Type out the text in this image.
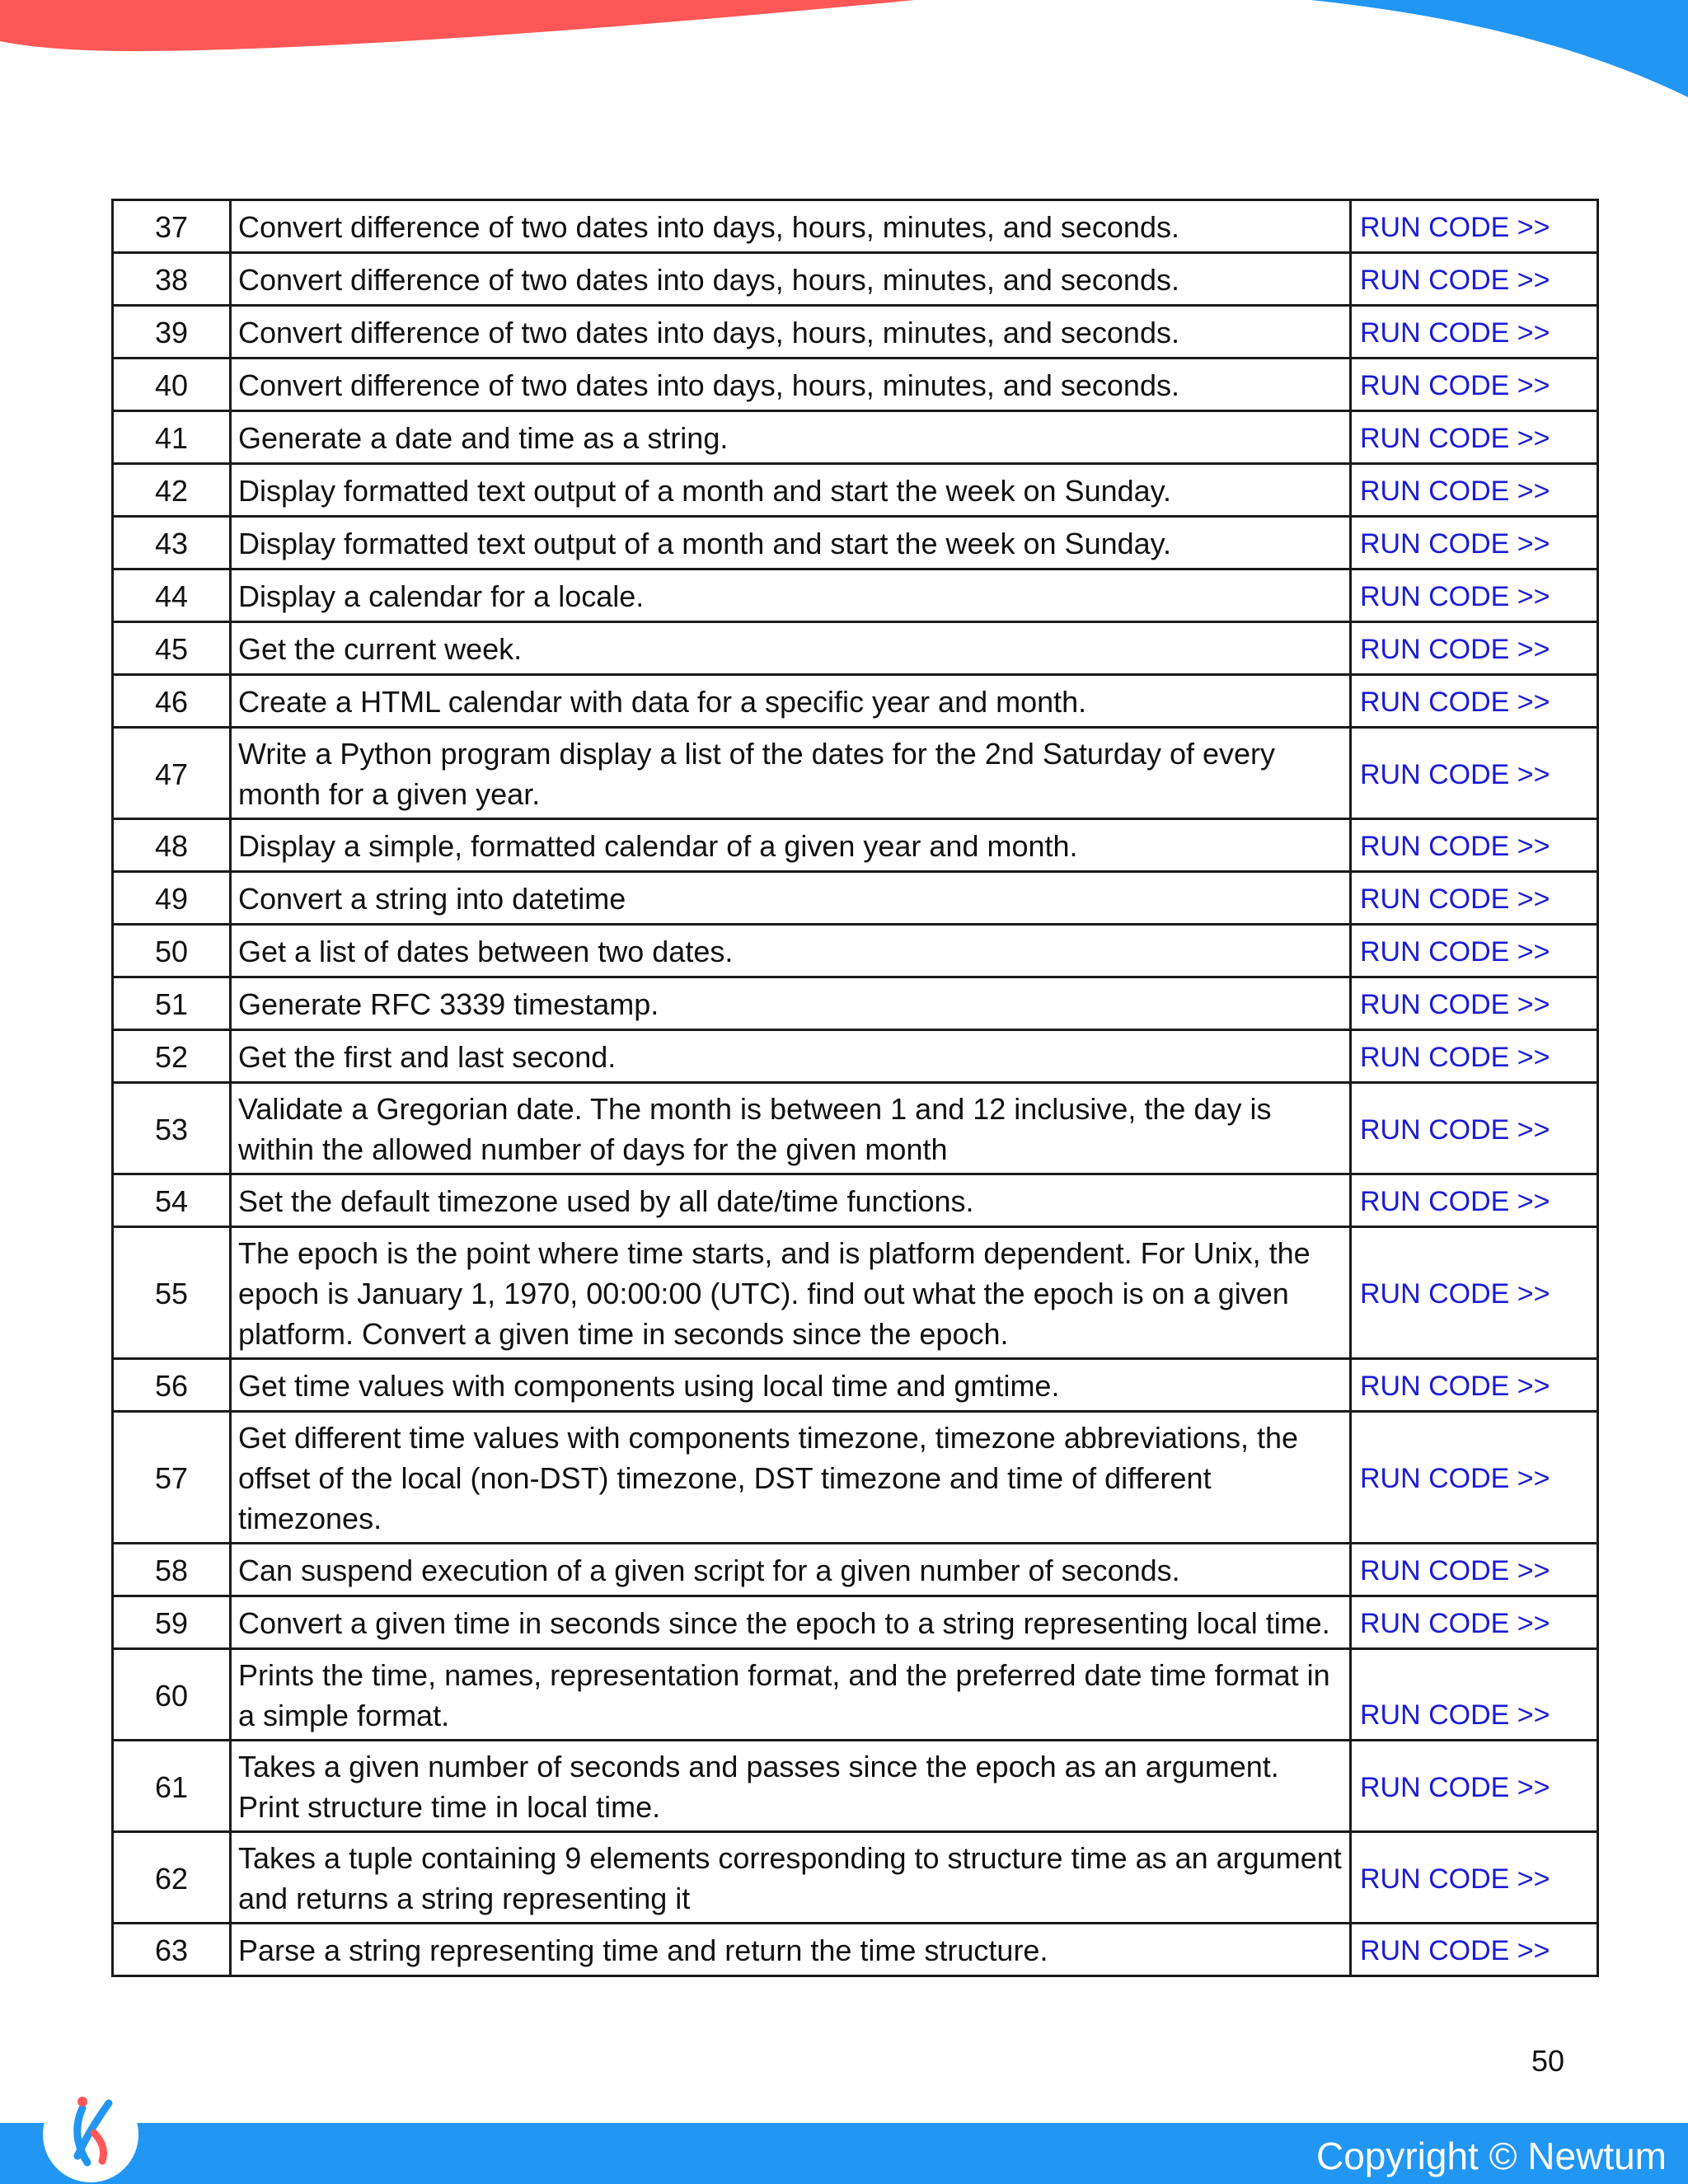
37	Convert difference of two dates into days, hours, minutes, and seconds.	RUN CODE >>
38	Convert difference of two dates into days, hours, minutes, and seconds.	RUN CODE >>
39	Convert difference of two dates into days, hours, minutes, and seconds.	RUN CODE >>
40	Convert difference of two dates into days, hours, minutes, and seconds.	RUN CODE >>
41	Generate a date and time as a string.	RUN CODE >>
42	Display formatted text output of a month and start the week on Sunday.	RUN CODE >>
43	Display formatted text output of a month and start the week on Sunday.	RUN CODE >>
44	Display a calendar for a locale.	RUN CODE >>
45	Get the current week.	RUN CODE >>
46	Create a HTML calendar with data for a specific year and month.	RUN CODE >>
47	Write a Python program display a list of the dates for the 2nd Saturday of every month for a given year.	RUN CODE >>
48	Display a simple, formatted calendar of a given year and month.	RUN CODE >>
49	Convert a string into datetime	RUN CODE >>
50	Get a list of dates between two dates.	RUN CODE >>
51	Generate RFC 3339 timestamp.	RUN CODE >>
52	Get the first and last second.	RUN CODE >>
53	Validate a Gregorian date. The month is between 1 and 12 inclusive, the day is within the allowed number of days for the given month	RUN CODE >>
54	Set the default timezone used by all date/time functions.	RUN CODE >>
55	The epoch is the point where time starts, and is platform dependent. For Unix, the epoch is January 1, 1970, 00:00:00 (UTC). find out what the epoch is on a given platform. Convert a given time in seconds since the epoch.	RUN CODE >>
56	Get time values with components using local time and gmtime.	RUN CODE >>
57	Get different time values with components timezone, timezone abbreviations, the offset of the local (non-DST) timezone, DST timezone and time of different timezones.	RUN CODE >>
58	Can suspend execution of a given script for a given number of seconds.	RUN CODE >>
59	Convert a given time in seconds since the epoch to a string representing local time.	RUN CODE >>
60	Prints the time, names, representation format, and the preferred date time format in a simple format.	RUN CODE >>
61	Takes a given number of seconds and passes since the epoch as an argument. Print structure time in local time.	RUN CODE >>
62	Takes a tuple containing 9 elements corresponding to structure time as an argument and returns a string representing it	RUN CODE >>
63	Parse a string representing time and return the time structure.	RUN CODE >>
50
Copyright © Newtum
